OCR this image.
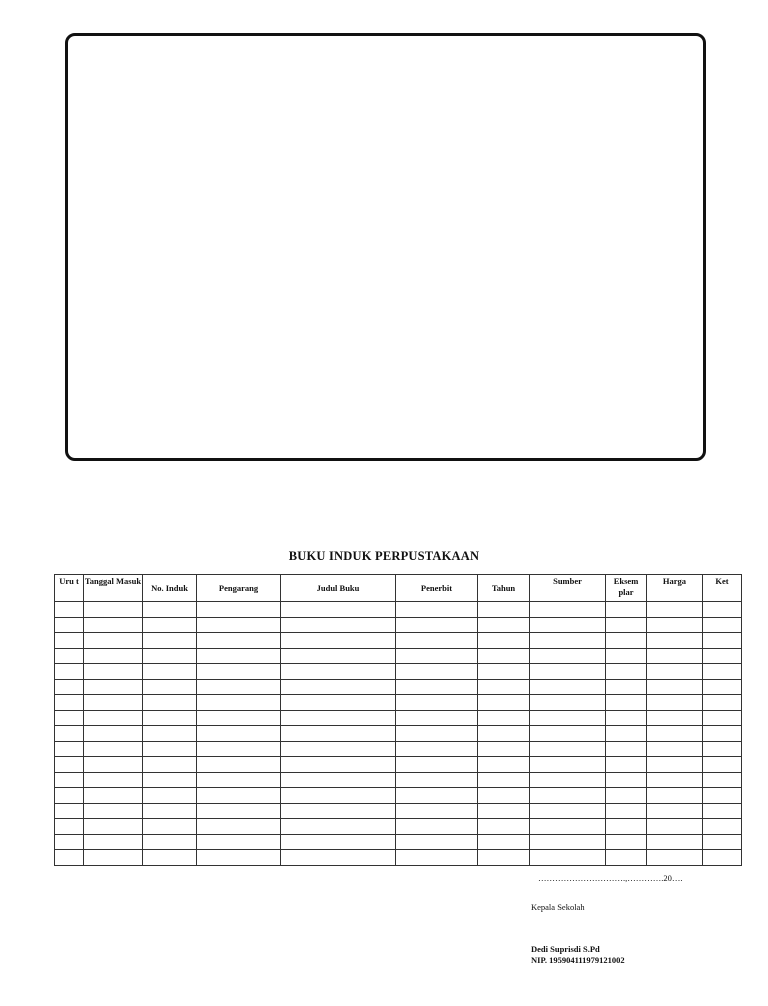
BUKU INDUK PERPUSTAKAAN
Uru t	Tanggal Masuk	No. Induk	Pengarang	Judul Buku	Penerbit	Tahun	Sumber	Eksem plar	Harga	Ket

………………………….,………….20….
Kepala Sekolah
Dedi Suprisdi S.Pd
NIP. 195904111979121002
